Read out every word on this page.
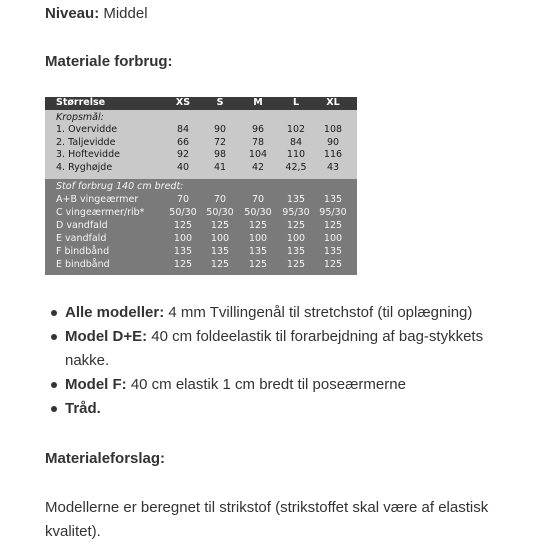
Niveau: Middel
Materiale forbrug:
Størrelse	XS	S	M	L	XL
Kropsmål:
1. Overvidde	84	90	96	102	108
2. Taljevidde	66	72	78	84	90
3. Hoftevidde	92	98	104	110	116
4. Ryghøjde	40	41	42	42,5	43
Stof forbrug 140 cm bredt:
A+B vingeærmer	70	70	70	135	135
C vingeærmer/rib*	50/30	50/30	50/30	95/30	95/30
D vandfald	125	125	125	125	125
E vandfald	100	100	100	100	100
F bindbånd	135	135	135	135	135
E bindbånd	125	125	125	125	125
Alle modeller: 4 mm Tvillingenål til stretchstof (til oplægning)
Model D+E: 40 cm foldeelastik til forarbejdning af bag-stykkets nakke.
Model F: 40 cm elastik 1 cm bredt til poseærmerne
Tråd.
Materialeforslag:
Modellerne er beregnet til strikstof (strikstoffet skal være af elastisk kvalitet).
